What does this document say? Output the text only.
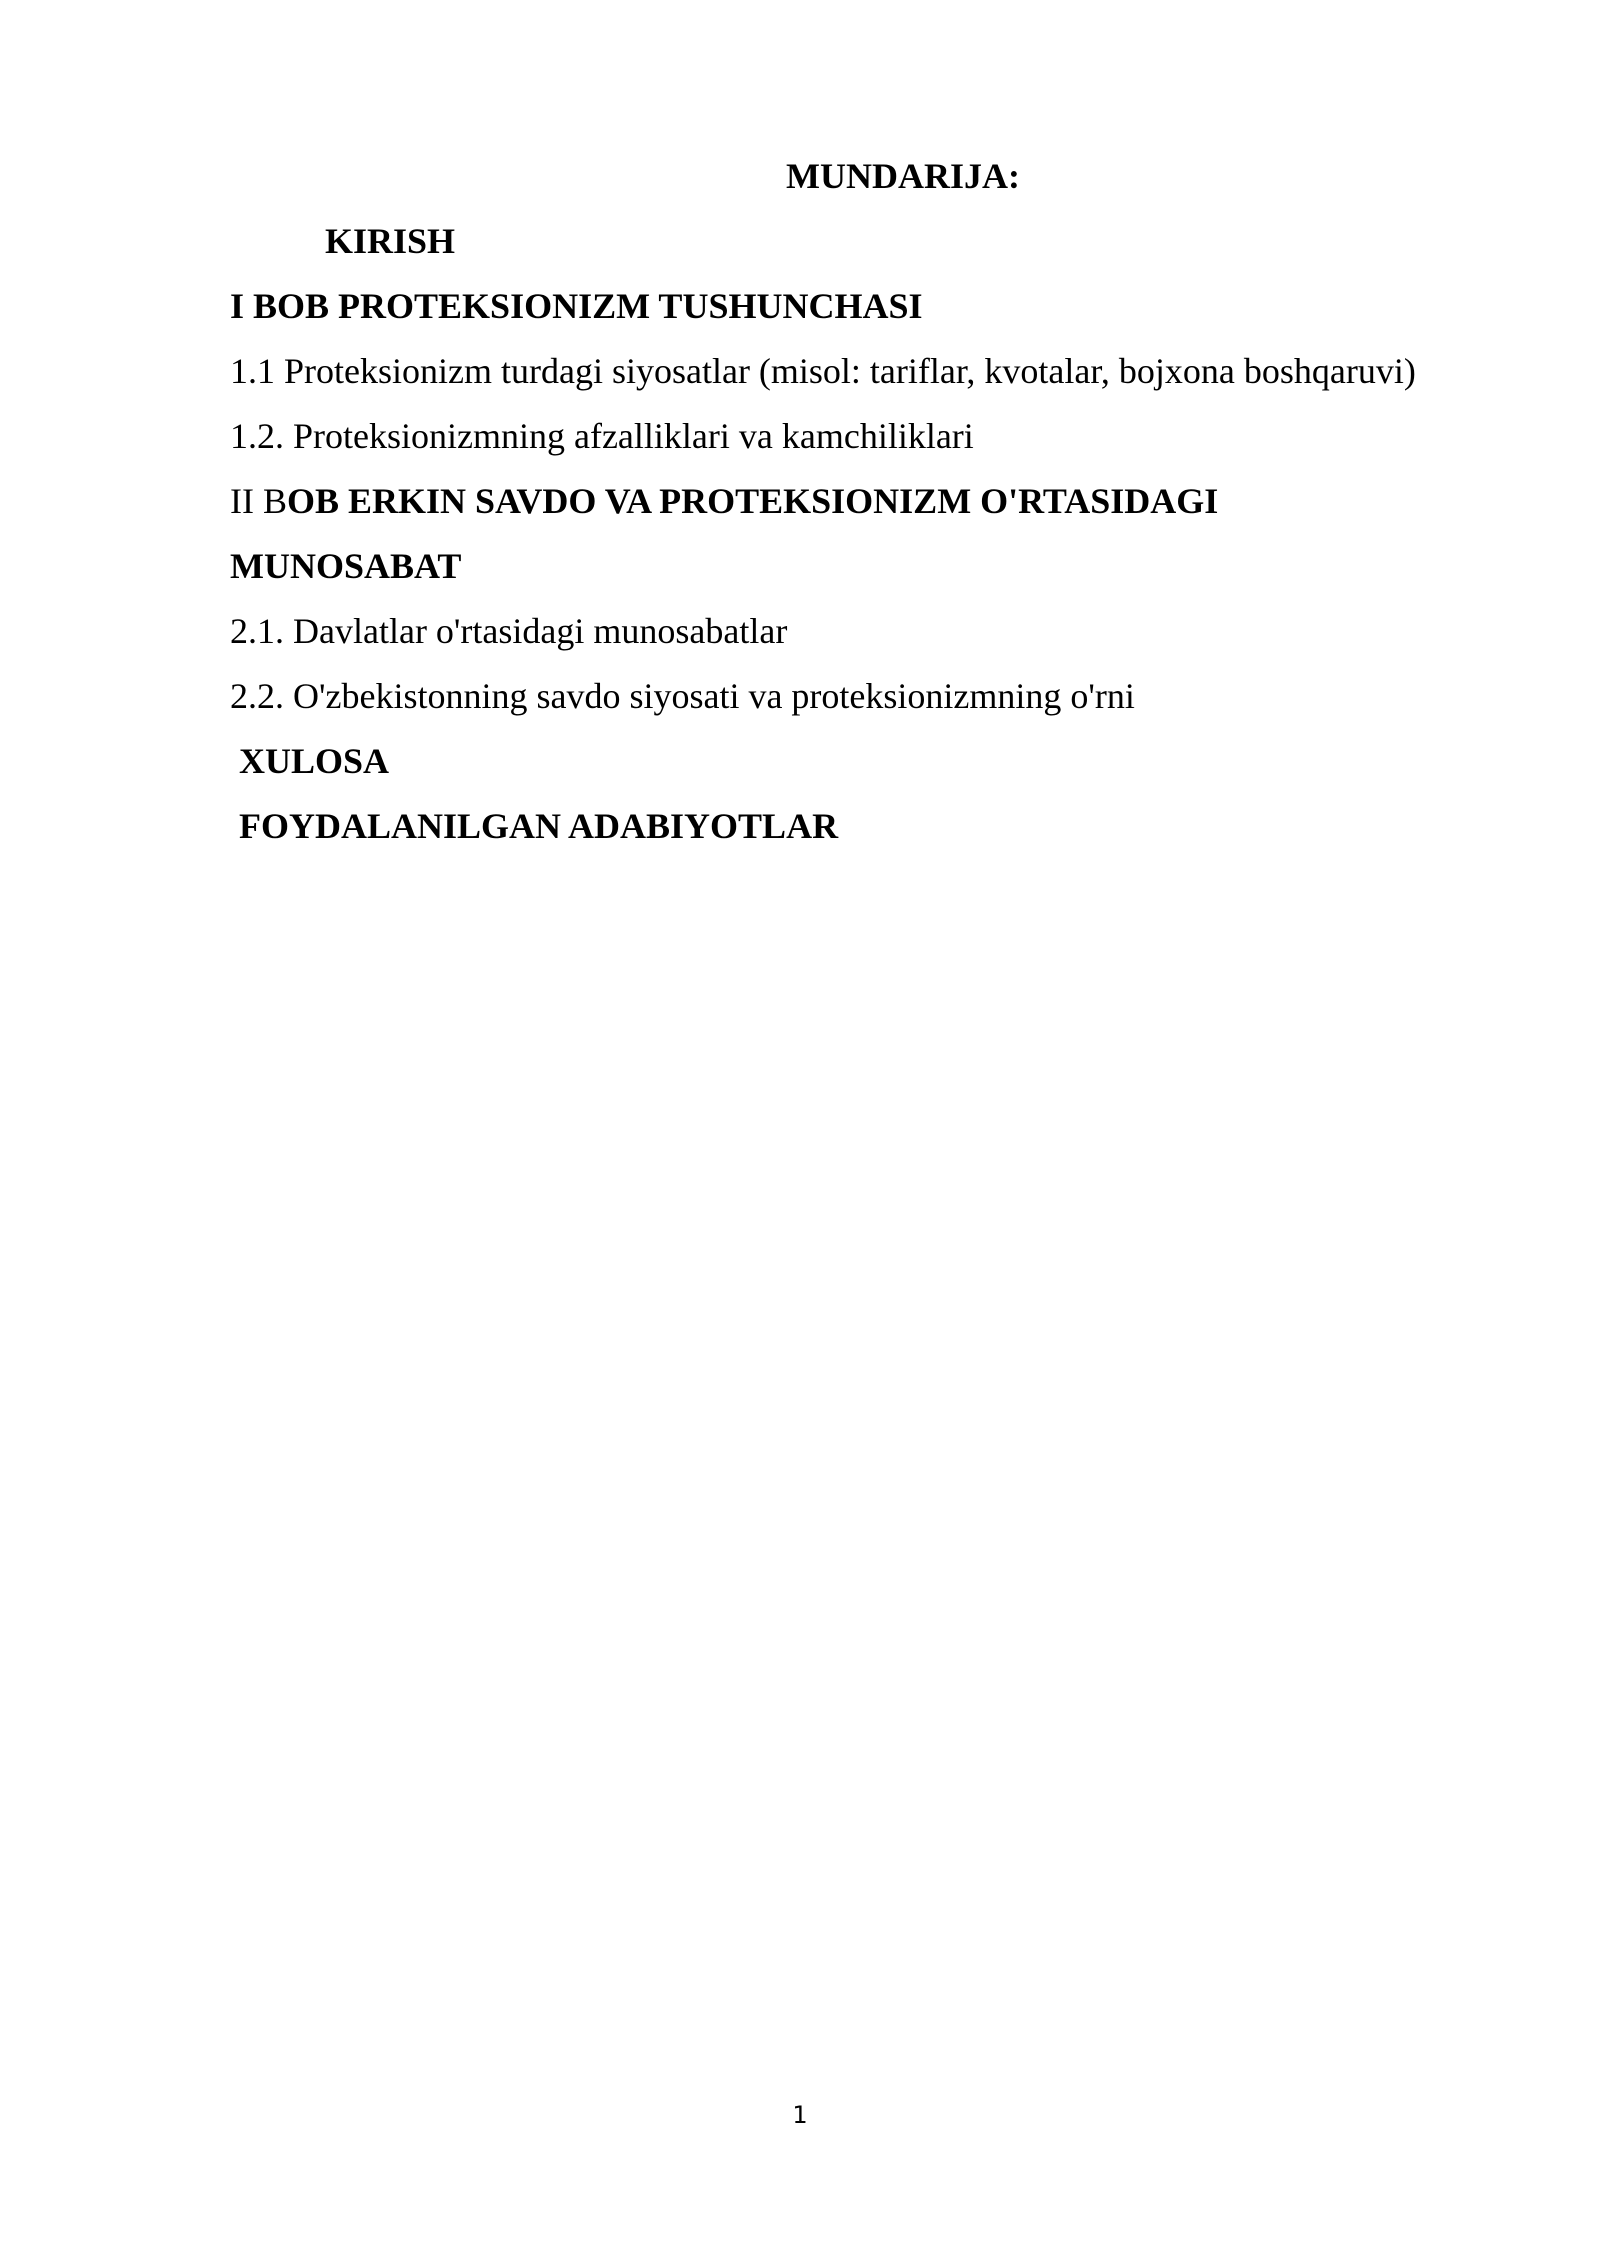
MUNDARIJA:
KIRISH
I BOB PROTEKSIONIZM TUSHUNCHASI
1.1 Proteksionizm turdagi siyosatlar (misol: tariflar, kvotalar, bojxona boshqaruvi)
1.2. Proteksionizmning afzalliklari va kamchiliklari
II BOB ERKIN SAVDO VA PROTEKSIONIZM O'RTASIDAGI
MUNOSABAT
2.1. Davlatlar o'rtasidagi munosabatlar
2.2. O'zbekistonning savdo siyosati va proteksionizmning o'rni
XULOSA
FOYDALANILGAN ADABIYOTLAR
1
